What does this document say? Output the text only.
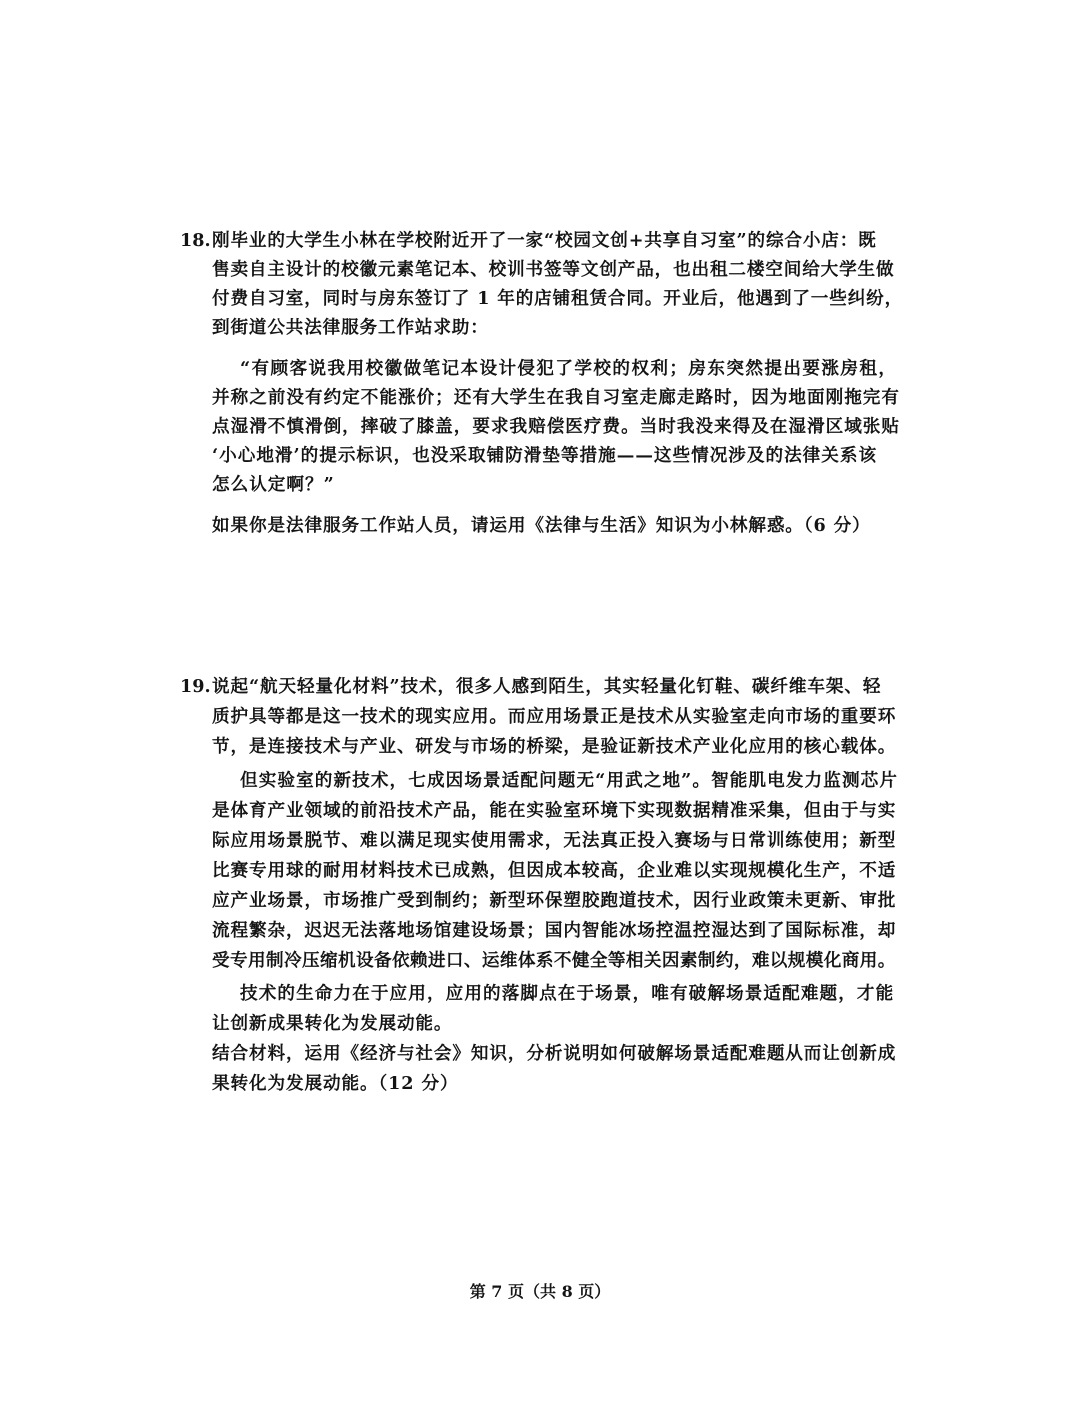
18. 刚毕业的大学生小林在学校附近开了一家“校园文创+共享自习室”的综合小店：既
售卖自主设计的校徽元素笔记本、校训书签等文创产品，也出租二楼空间给大学生做
付费自习室，同时与房东签订了 1 年的店铺租赁合同。开业后，他遇到了一些纠纷，
到街道公共法律服务工作站求助：
“有顾客说我用校徽做笔记本设计侵犯了学校的权利；房东突然提出要涨房租，
并称之前没有约定不能涨价；还有大学生在我自习室走廊走路时，因为地面刚拖完有
点湿滑不慎滑倒，摔破了膝盖，要求我赔偿医疗费。当时我没来得及在湿滑区域张贴
‘小心地滑’的提示标识，也没采取铺防滑垫等措施——这些情况涉及的法律关系该
怎么认定啊？”
如果你是法律服务工作站人员，请运用《法律与生活》知识为小林解惑。（6 分）
19. 说起“航天轻量化材料”技术，很多人感到陌生，其实轻量化钉鞋、碳纤维车架、轻
质护具等都是这一技术的现实应用。而应用场景正是技术从实验室走向市场的重要环
节，是连接技术与产业、研发与市场的桥梁，是验证新技术产业化应用的核心载体。
但实验室的新技术，七成因场景适配问题无“用武之地”。智能肌电发力监测芯片
是体育产业领域的前沿技术产品，能在实验室环境下实现数据精准采集，但由于与实
际应用场景脱节、难以满足现实使用需求，无法真正投入赛场与日常训练使用；新型
比赛专用球的耐用材料技术已成熟，但因成本较高，企业难以实现规模化生产，不适
应产业场景，市场推广受到制约；新型环保塑胶跑道技术，因行业政策未更新、审批
流程繁杂，迟迟无法落地场馆建设场景；国内智能冰场控温控湿达到了国际标准，却
受专用制冷压缩机设备依赖进口、运维体系不健全等相关因素制约，难以规模化商用。
技术的生命力在于应用，应用的落脚点在于场景，唯有破解场景适配难题，才能
让创新成果转化为发展动能。
结合材料，运用《经济与社会》知识，分析说明如何破解场景适配难题从而让创新成
果转化为发展动能。（12 分）
第 7 页（共 8 页）
